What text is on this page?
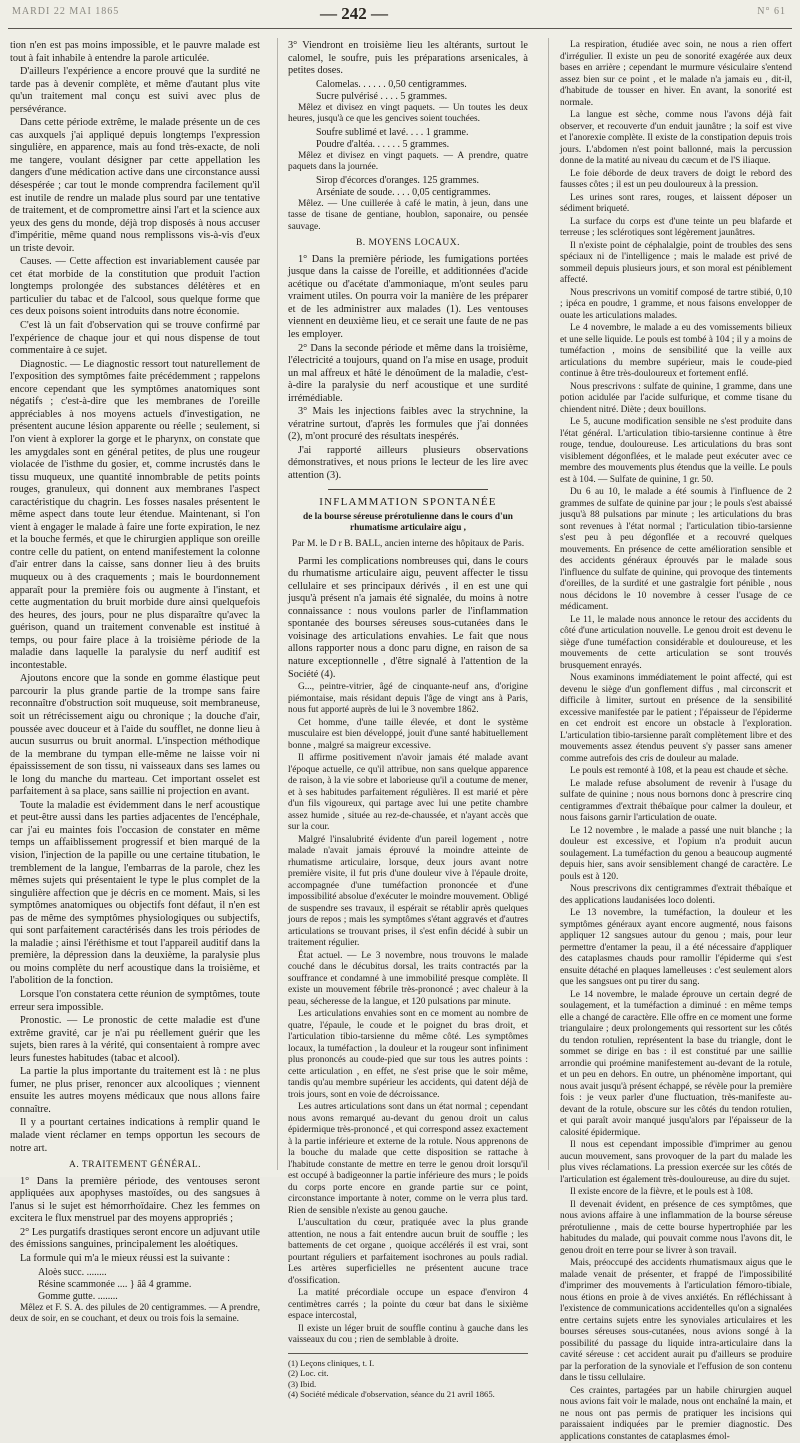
MARDI 22 MAI 1865	— 242 —	N° 61

tion n'en est pas moins impossible, et le pauvre malade est tout à fait inhabile à entendre la parole articulée.

D'ailleurs l'expérience a encore prouvé que la surdité ne tarde pas à devenir complète, et même d'autant plus vite qu'un traitement mal conçu est suivi avec plus de persévérance.

Dans cette période extrême, le malade présente un de ces cas auxquels j'ai appliqué depuis longtemps l'expression singulière, en apparence, mais au fond très-exacte, de noli me tangere, voulant désigner par cette appellation les dangers d'une médication active dans une circonstance aussi désespérée ; car tout le monde comprendra facilement qu'il est inutile de rendre un malade plus sourd par une tentative de traitement, et de compromettre ainsi l'art et la science aux yeux des gens du monde, déjà trop disposés à nous accuser d'impéritie, même quand nous remplissons vis-à-vis d'eux un triste devoir.

Causes. — Cette affection est invariablement causée par cet état morbide de la constitution que produit l'action longtemps prolongée des substances délétères et en particulier du tabac et de l'alcool, sous quelque forme que ces deux poisons soient introduits dans notre économie.

C'est là un fait d'observation qui se trouve confirmé par l'expérience de chaque jour et qui nous dispense de tout commentaire à ce sujet.

Diagnostic. — Le diagnostic ressort tout naturellement de l'exposition des symptômes faite précédemment ; rappelons encore cependant que les symptômes anatomiques sont négatifs ; c'est-à-dire que les membranes de l'oreille appréciables à nos moyens actuels d'investigation, ne présentent aucune lésion apparente ou réelle ; seulement, si l'on vient à explorer la gorge et le pharynx, on constate que les amygdales sont en général petites, de plus une rougeur violacée de l'isthme du gosier, et, comme incrustés dans le tissu muqueux, une quantité innombrable de petits points rouges, granuleux, qui donnent aux membranes l'aspect caractéristique du chagrin. Les fosses nasales présentent le même aspect dans toute leur étendue. Maintenant, si l'on vient à engager le malade à faire une forte expiration, le nez et la bouche fermés, et que le chirurgien applique son oreille contre celle du patient, on entend manifestement la colonne d'air entrer dans la caisse, sans donner lieu à des bruits muqueux ou à des craquements ; mais le bourdonnement apparaît pour la première fois ou augmente à l'instant, et cette augmentation du bruit morbide dure ainsi quelquefois des heures, des jours, pour ne plus disparaître qu'avec la guérison, quand un traitement convenable est institué à temps, ou pour faire place à la troisième période de la maladie dans laquelle la paralysie du nerf auditif est incontestable.

Ajoutons encore que la sonde en gomme élastique peut parcourir la plus grande partie de la trompe sans faire reconnaître d'obstruction soit muqueuse, soit membraneuse, soit un rétrécissement aigu ou chronique ; la douche d'air, poussée avec douceur et à l'aide du soufflet, ne donne lieu à aucun susurrus ou bruit anormal. L'inspection méthodique de la membrane du tympan elle-même ne laisse voir ni épaississement de son tissu, ni vaisseaux dans ses lames ou le long du manche du marteau. Cet important osselet est parfaitement à sa place, sans saillie ni projection en avant.

Toute la maladie est évidemment dans le nerf acoustique et peut-être aussi dans les parties adjacentes de l'encéphale, car j'ai eu maintes fois l'occasion de constater en même temps un affaiblissement progressif et bien marqué de la vision, l'injection de la papille ou une certaine titubation, le tremblement de la langue, l'embarras de la parole, chez les mêmes sujets qui présentaient le type le plus complet de la singulière affection que je décris en ce moment. Mais, si les symptômes anatomiques ou objectifs font défaut, il n'en est pas de même des symptômes physiologiques ou subjectifs, qui sont parfaitement caractérisés dans les trois périodes de la maladie ; ainsi l'éréthisme et tout l'appareil auditif dans la première, la dépression dans la deuxième, la paralysie plus ou moins complète du nerf acoustique dans la troisième, et l'abolition de la fonction.

Lorsque l'on constatera cette réunion de symptômes, toute erreur sera impossible.

Pronostic. — Le pronostic de cette maladie est d'une extrême gravité, car je n'ai pu réellement guérir que les sujets, bien rares à la vérité, qui consentaient à rompre avec leurs funestes habitudes (tabac et alcool).

La partie la plus importante du traitement est là : ne plus fumer, ne plus priser, renoncer aux alcooliques ; viennent ensuite les autres moyens médicaux que nous allons faire connaître.

Il y a pourtant certaines indications à remplir quand le malade vient réclamer en temps opportun les secours de notre art.

A. TRAITEMENT GÉNÉRAL.

1° Dans la première période, des ventouses seront appliquées aux apophyses mastoïdes, ou des sangsues à l'anus si le sujet est hémorrhoïdaire. Chez les femmes on excitera le flux menstruel par des moyens appropriés ;

2° Les purgatifs drastiques seront encore un adjuvant utile des émissions sanguines, principalement les aloétiques.

La formule qui m'a le mieux réussi est la suivante :

Aloès succ. ........
Résine scammonée .... } ââ 4 gramme.
Gomme gutte. ........

Mêlez et F. S. A. des pilules de 20 centigrammes. — A prendre, deux de soir, en se couchant, et deux ou trois fois la semaine.

3° Viendront en troisième lieu les altérants, surtout le calomel, le soufre, puis les préparations arsenicales, à petites doses.

Calomelas. . . . . . 0,50 centigrammes.
Sucre pulvérisé . . . . 5 grammes.

Mêlez et divisez en vingt paquets. — Un toutes les deux heures, jusqu'à ce que les gencives soient touchées.

Soufre sublimé et lavé. . . . 1 gramme.
Poudre d'altéa. . . . . . 5 grammes.

Mêlez et divisez en vingt paquets. — A prendre, quatre paquets dans la journée.

Sirop d'écorces d'oranges. 125 grammes.
Arséniate de soude. . . . 0,05 centigrammes.

Mêlez. — Une cuillerée à café le matin, à jeun, dans une tasse de tisane de gentiane, houblon, saponaire, ou pensée sauvage.

B. MOYENS LOCAUX.

1° Dans la première période, les fumigations portées jusque dans la caisse de l'oreille, et additionnées d'acide acétique ou d'acétate d'ammoniaque, m'ont seules paru vraiment utiles. On pourra voir la manière de les préparer et de les administrer aux malades (1). Les ventouses viennent en deuxième lieu, et ce serait une faute de ne pas les employer.

2° Dans la seconde période et même dans la troisième, l'électricité a toujours, quand on l'a mise en usage, produit un mal affreux et hâté le dénoûment de la maladie, c'est-à-dire la paralysie du nerf acoustique et une surdité irrémédiable.

3° Mais les injections faibles avec la strychnine, la vératrine surtout, d'après les formules que j'ai données (2), m'ont procuré des résultats inespérés.

J'ai rapporté ailleurs plusieurs observations démonstratives, et nous prions le lecteur de les lire avec attention (3).

INFLAMMATION SPONTANÉE
de la bourse séreuse prérotulienne dans le cours d'un rhumatisme articulaire aigu ,
Par M. le D r B. BALL, ancien interne des hôpitaux de Paris.

Parmi les complications nombreuses qui, dans le cours du rhumatisme articulaire aigu, peuvent affecter le tissu cellulaire et ses principaux dérivés , il en est une qui jusqu'à présent n'a jamais été signalée, du moins à notre connaissance : nous voulons parler de l'inflammation spontanée des bourses séreuses sous-cutanées dans le voisinage des articulations envahies. Le fait que nous allons rapporter nous a donc paru digne, en raison de sa nature exceptionnelle , d'être signalé à l'attention de la Société (4).

G..., peintre-vitrier, âgé de cinquante-neuf ans, d'origine piémontaise, mais résidant depuis l'âge de vingt ans à Paris, nous fut apporté auprès de lui le 3 novembre 1862.

Cet homme, d'une taille élevée, et dont le système musculaire est bien développé, jouit d'une santé habituellement bonne , malgré sa maigreur excessive.

Il affirme positivement n'avoir jamais été malade avant l'époque actuelle, ce qu'il attribue, non sans quelque apparence de raison, à la vie sobre et laborieuse qu'il a coutume de mener, et à ses habitudes parfaitement régulières. Il est marié et père d'un fils vigoureux, qui partage avec lui une petite chambre assez humide , située au rez-de-chaussée, et n'ayant accès que sur la cour.

Malgré l'insalubrité évidente d'un pareil logement , notre malade n'avait jamais éprouvé la moindre atteinte de rhumatisme articulaire, lorsque, deux jours avant notre première visite, il fut pris d'une douleur vive à l'épaule droite, accompagnée d'une tuméfaction prononcée et d'une impossibilité absolue d'exécuter le moindre mouvement. Obligé de suspendre ses travaux, il espérait se rétablir après quelques jours de repos ; mais les symptômes s'étant aggravés et d'autres articulations se trouvant prises, il s'est enfin décidé à subir un traitement régulier.

État actuel. — Le 3 novembre, nous trouvons le malade couché dans le décubitus dorsal, les traits contractés par la souffrance et condamné à une immobilité presque complète. Il existe un mouvement fébrile très-prononcé ; avec chaleur à la peau, sécheresse de la langue, et 120 pulsations par minute.

Les articulations envahies sont en ce moment au nombre de quatre, l'épaule, le coude et le poignet du bras droit, et l'articulation tibio-tarsienne du même côté. Les symptômes locaux, la tuméfaction , la douleur et la rougeur sont infiniment plus prononcés au coude-pied que sur tous les autres points : cette articulation , en effet, ne s'est prise que le soir même, tandis qu'au membre supérieur les accidents, qui datent déjà de trois jours, sont en voie de décroissance.

Les autres articulations sont dans un état normal ; cependant nous avons remarqué au-devant du genou droit un calus épidermique très-prononcé , et qui correspond assez exactement à la partie inférieure et externe de la rotule. Nous apprenons de la bouche du malade que cette disposition se rattache à l'habitude constante de mettre en terre le genou droit lorsqu'il est occupé à badigeonner la partie inférieure des murs ; le poids du corps porte encore en grande partie sur ce point, circonstance importante à noter, comme on le verra plus tard. Rien de sensible n'existe au genou gauche.

L'auscultation du cœur, pratiquée avec la plus grande attention, ne nous a fait entendre aucun bruit de souffle ; les battements de cet organe , quoique accélérés il est vrai, sont pourtant réguliers et parfaitement isochrones au pouls radial. Les artères superficielles ne présentent aucune trace d'ossification.

La matité précordiale occupe un espace d'environ 4 centimètres carrés ; la pointe du cœur bat dans le sixième espace intercostal,

Il existe un léger bruit de souffle continu à gauche dans les vaisseaux du cou ; rien de semblable à droite.

(1) Leçons cliniques, t. I.
(2) Loc. cit.
(3) Ibid.
(4) Société médicale d'observation, séance du 21 avril 1865.

La respiration, étudiée avec soin, ne nous a rien offert d'irrégulier. Il existe un peu de sonorité exagérée aux deux bases en arrière ; cependant le murmure vésiculaire s'entend assez bien sur ce point , et le malade n'a jamais eu , dit-il, d'habitude de tousser en hiver. En avant, la sonorité est normale.

La langue est sèche, comme nous l'avons déjà fait observer, et recouverte d'un enduit jaunâtre ; la soif est vive et l'anorexie complète. Il existe de la constipation depuis trois jours. L'abdomen n'est point ballonné, mais la percussion donne de la matité au niveau du cæcum et de l'S iliaque.

Le foie déborde de deux travers de doigt le rebord des fausses côtes ; il est un peu douloureux à la pression.

Les urines sont rares, rouges, et laissent déposer un sédiment briqueté.

La surface du corps est d'une teinte un peu blafarde et terreuse ; les sclérotiques sont légèrement jaunâtres.

Il n'existe point de céphalalgie, point de troubles des sens spéciaux ni de l'intelligence ; mais le malade est privé de sommeil depuis plusieurs jours, et son moral est péniblement affecté.

Nous prescrivons un vomitif composé de tartre stibié, 0,10 ; ipéca en poudre, 1 gramme, et nous faisons envelopper de ouate les articulations malades.

Le 4 novembre, le malade a eu des vomissements bilieux et une selle liquide. Le pouls est tombé à 104 ; il y a moins de tuméfaction , moins de sensibilité que la veille aux articulations du membre supérieur, mais le coude-pied continue à être très-douloureux et fortement enflé.

Nous prescrivons : sulfate de quinine, 1 gramme, dans une potion acidulée par l'acide sulfurique, et comme tisane du chiendent nitré. Diète ; deux bouillons.

Le 5, aucune modification sensible ne s'est produite dans l'état général. L'articulation tibio-tarsienne continue à être rouge, tendue, douloureuse. Les articulations du bras sont visiblement dégonflées, et le malade peut exécuter avec ce membre des mouvements plus étendus que la veille. Le pouls est à 104. — Sulfate de quinine, 1 gr. 50.

Du 6 au 10, le malade a été soumis à l'influence de 2 grammes de sulfate de quinine par jour ; le pouls s'est abaissé jusqu'à 88 pulsations par minute ; les articulations du bras sont revenues à l'état normal ; l'articulation tibio-tarsienne s'est peu à peu dégonflée et a recouvré quelques mouvements. En présence de cette amélioration sensible et des accidents généraux éprouvés par le malade sous l'influence du sulfate de quinine, qui provoque des tintements d'oreilles, de la surdité et une gastralgie fort pénible , nous nous décidons le 10 novembre à cesser l'usage de ce médicament.

Le 11, le malade nous annonce le retour des accidents du côté d'une articulation nouvelle. Le genou droit est devenu le siège d'une tuméfaction considérable et douloureuse, et les mouvements de cette articulation se sont trouvés brusquement enrayés.

Nous examinons immédiatement le point affecté, qui est devenu le siège d'un gonflement diffus , mal circonscrit et difficile à limiter, surtout en présence de la sensibilité excessive manifestée par le patient ; l'épaisseur de l'épiderme en cet endroit est encore un obstacle à l'exploration. L'articulation tibio-tarsienne paraît complètement libre et des mouvements assez étendus peuvent s'y passer sans amener comme autrefois des cris de douleur au malade.

Le pouls est remonté à 108, et la peau est chaude et sèche.

Le malade refuse absolument de revenir à l'usage du sulfate de quinine ; nous nous bornons donc à prescrire cinq centigrammes d'extrait thébaïque pour calmer la douleur, et nous faisons garnir l'articulation de ouate.

Le 12 novembre , le malade a passé une nuit blanche ; la douleur est excessive, et l'opium n'a produit aucun soulagement. La tuméfaction du genou a beaucoup augmenté depuis hier, sans avoir sensiblement changé de caractère. Le pouls est à 120.

Nous prescrivons dix centigrammes d'extrait thébaïque et des applications laudanisées loco dolenti.

Le 13 novembre, la tuméfaction, la douleur et les symptômes généraux ayant encore augmenté, nous faisons appliquer 12 sangsues autour du genou ; mais, pour leur permettre d'entamer la peau, il a été nécessaire d'appliquer des cataplasmes chauds pour ramollir l'épiderme qui s'est ensuite détaché en plaques lamelleuses : c'est seulement alors que les sangsues ont pu tirer du sang.

Le 14 novembre, le malade éprouve un certain degré de soulagement, et la tuméfaction a diminué : en même temps elle a changé de caractère. Elle offre en ce moment une forme triangulaire ; deux prolongements qui ressortent sur les côtés du tendon rotulien, représentent la base du triangle, dont le sommet se dirige en bas : il est constitué par une saillie arrondie qui proémine manifestement au-devant de la rotule, et un peu en dehors. En outre, un phénomène important, qui nous avait jusqu'à présent échappé, se révèle pour la première fois : je veux parler d'une fluctuation, très-manifeste au-devant de la rotule, obscure sur les côtés du tendon rotulien, et qui paraît avoir manqué jusqu'alors par l'épaisseur de la calosité épidermique.

Il nous est cependant impossible d'imprimer au genou aucun mouvement, sans provoquer de la part du malade les plus vives réclamations. La pression exercée sur les côtés de l'articulation est également très-douloureuse, au dire du sujet.

Il existe encore de la fièvre, et le pouls est à 108.

Il devenait évident, en présence de ces symptômes, que nous avions affaire à une inflammation de la bourse séreuse prérotulienne , mais de cette bourse hypertrophiée par les habitudes du malade, qui pouvait comme nous l'avons dit, le genou droit en terre pour se livrer à son travail.

Mais, préoccupé des accidents rhumatismaux aigus que le malade venait de présenter, et frappé de l'impossibilité d'imprimer des mouvements à l'articulation fémoro-tibiale, nous étions en proie à de vives anxiétés. En réfléchissant à l'existence de communications accidentelles qu'on a signalées entre certains sujets entre les synoviales articulaires et les bourses séreuses sous-cutanées, nous avions songé à la possibilité du passage du liquide intra-articulaire dans la cavité séreuse : cet accident aurait pu d'ailleurs se produire par la perforation de la synoviale et l'effusion de son contenu dans le tissu cellulaire.

Ces craintes, partagées par un habile chirurgien auquel nous avions fait voir le malade, nous ont enchaîné la main, et ne nous ont pas permis de pratiquer les incisions qui paraissaient indiquées par le premier diagnostic. Des applications constantes de cataplasmes émol-
